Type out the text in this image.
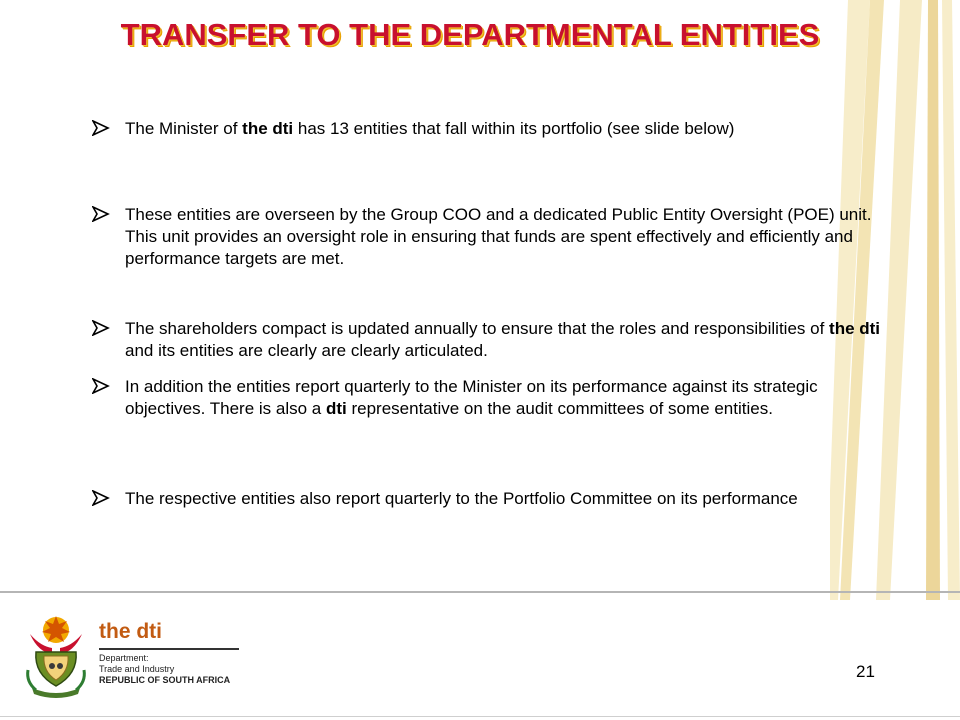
TRANSFER TO THE DEPARTMENTAL ENTITIES
The Minister of the dti has 13 entities that fall within its portfolio (see slide below)
These entities are overseen by the Group COO and a dedicated Public Entity Oversight (POE) unit. This unit provides an oversight role in ensuring that funds are spent effectively and efficiently and performance targets are met.
The shareholders compact is updated annually to ensure that the roles and responsibilities of the dti and its entities are clearly are clearly articulated.
In addition the entities report quarterly to the Minister on its performance against its strategic objectives. There is also a dti representative on the audit committees of some entities.
The respective entities also report quarterly to the Portfolio Committee on its performance
the dti
Department:
Trade and Industry
REPUBLIC OF SOUTH AFRICA	21
